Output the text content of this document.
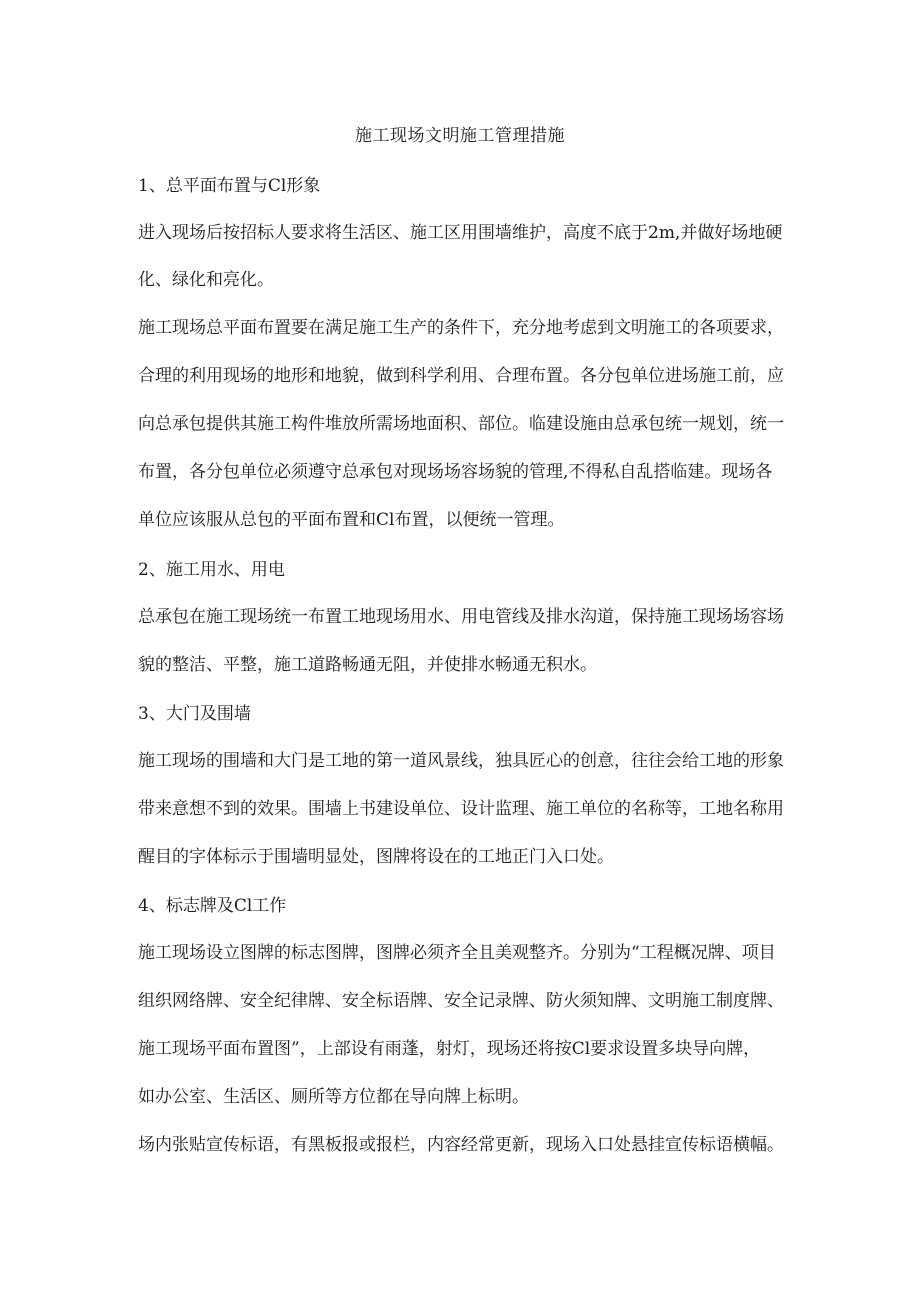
施工现场文明施工管理措施

1、总平面布置与Cl形象

进入现场后按招标人要求将生活区、施工区用围墙维护，高度不底于2m,并做好场地硬

化、绿化和亮化。

施工现场总平面布置要在满足施工生产的条件下，充分地考虑到文明施工的各项要求，

合理的利用现场的地形和地貌，做到科学利用、合理布置。各分包单位进场施工前，应

向总承包提供其施工构件堆放所需场地面积、部位。临建设施由总承包统一规划，统一

布置，各分包单位必须遵守总承包对现场场容场貌的管理,不得私自乱搭临建。现场各

单位应该服从总包的平面布置和Cl布置，以便统一管理。

2、施工用水、用电

总承包在施工现场统一布置工地现场用水、用电管线及排水沟道，保持施工现场场容场

貌的整洁、平整，施工道路畅通无阻，并使排水畅通无积水。

3、大门及围墙

施工现场的围墙和大门是工地的第一道风景线，独具匠心的创意，往往会给工地的形象

带来意想不到的效果。围墙上书建设单位、设计监理、施工单位的名称等，工地名称用

醒目的字体标示于围墙明显处，图牌将设在的工地正门入口处。

4、标志牌及Cl工作

施工现场设立图牌的标志图牌，图牌必须齐全且美观整齐。分别为“工程概况牌、项目

组织网络牌、安全纪律牌、安全标语牌、安全记录牌、防火须知牌、文明施工制度牌、

施工现场平面布置图”，上部设有雨蓬，射灯，现场还将按Cl要求设置多块导向牌，

如办公室、生活区、厕所等方位都在导向牌上标明。

场内张贴宣传标语，有黑板报或报栏，内容经常更新，现场入口处悬挂宣传标语横幅。
